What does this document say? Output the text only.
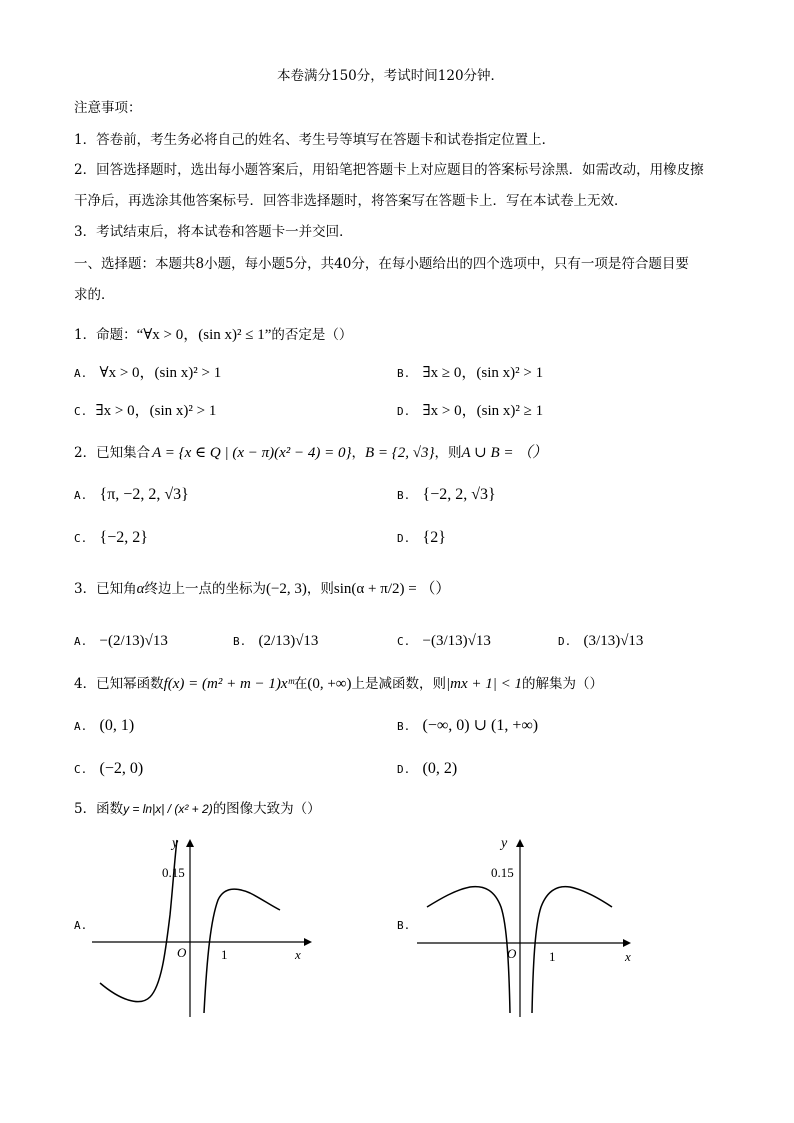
本卷满分150分，考试时间120分钟．
注意事项：
1．答卷前，考生务必将自己的姓名、考生号等填写在答题卡和试卷指定位置上．
2．回答选择题时，选出每小题答案后，用铅笔把答题卡上对应题目的答案标号涂黑．如需改动，用橡皮擦
干净后，再选涂其他答案标号．回答非选择题时，将答案写在答题卡上．写在本试卷上无效．
3．考试结束后，将本试卷和答题卡一并交回．
一、选择题：本题共8小题，每小题5分，共40分，在每小题给出的四个选项中，只有一项是符合题目要
求的．
1．命题：“∀x > 0，(sin x)² ≤ 1”的否定是（）
A. ∀x > 0，(sin x)² > 1	B. ∃x ≥ 0，(sin x)² > 1
C. ∃x > 0，(sin x)² > 1	D. ∃x > 0，(sin x)² ≥ 1
2．已知集合 A = {x ∈ Q | (x − π)(x² − 4) = 0}，B = {2, √3}，则A ∪ B = （）
A. {π, −2, 2, √3}	B. {−2, 2, √3}
C. {−2, 2}	D. {2}
3．已知角α终边上一点的坐标为(−2, 3)，则sin(α + π/2) = （）
A. −(2/13)√13	B. (2/13)√13	C. −(3/13)√13	D. (3/13)√13
4．已知幂函数f(x) = (m² + m − 1)xᵐ在(0, +∞)上是减函数，则|mx + 1| < 1的解集为（）
A. (0, 1)	B. (−∞, 0) ∪ (1, +∞)
C. (−2, 0)	D. (0, 2)
5．函数y = ln|x| / (x² + 2)的图像大致为（）
A.
y
0.15
O	1	x
B.
y
0.15
O	1	x
